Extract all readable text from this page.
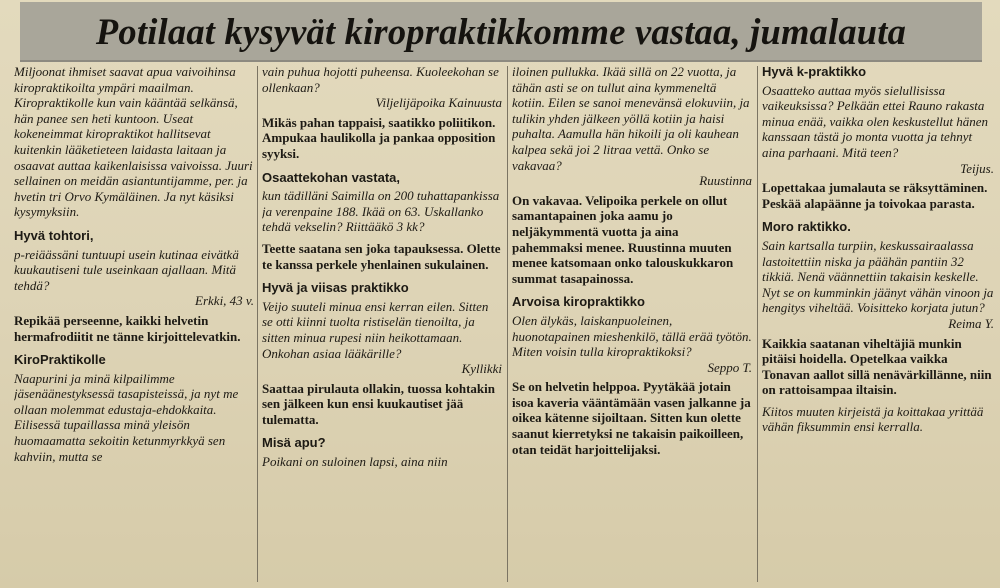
Potilaat kysyvät kiropraktikkomme vastaa, jumalauta

Miljoonat ihmiset saavat apua vaivoihinsa kiropraktikoilta ympäri maailman. Kiropraktikolle kun vain kääntää selkänsä, hän panee sen heti kuntoon. Useat kokeneimmat kiropraktikot hallitsevat kuitenkin lääketieteen laidasta laitaan ja osaavat auttaa kaikenlaisissa vaivoissa. Juuri sellainen on meidän asiantuntijamme, per. ja hvetin tri Orvo Kymäläinen. Ja nyt käsiksi kysymyksiin.

Hyvä tohtori,

p-reiäässäni tuntuupi usein kutinaa eivätkä kuukautiseni tule useinkaan ajallaan. Mitä tehdä?

Erkki, 43 v.

Repikää perseenne, kaikki helvetin hermafrodiitit ne tänne kirjoittelevatkin.

KiroPraktikolle

Naapurini ja minä kilpailimme jäsenäänestyksessä tasapisteissä, ja nyt me ollaan molemmat edustaja-ehdokkaita. Eilisessä tupaillassa minä yleisön huomaamatta sekoitin ketunmyrkkyä sen kahviin, mutta se

vain puhua hojotti puheensa. Kuoleekohan se ollenkaan?

Viljelijäpoika Kainuusta

Mikäs pahan tappaisi, saatikko poliitikon. Ampukaa haulikolla ja pankaa opposition syyksi.

Osaattekohan vastata,

kun tädilläni Saimilla on 200 tuhattapankissa ja verenpaine 188. Ikää on 63. Uskallanko tehdä vekselin? Riittääkö 3 kk?

Teette saatana sen joka tapauksessa. Olette te kanssa perkele yhenlainen sukulainen.

Hyvä ja viisas praktikko

Veijo suuteli minua ensi kerran eilen. Sitten se otti kiinni tuolta ristiselän tienoilta, ja sitten minua rupesi niin heikottamaan. Onkohan asiaa lääkärille?

Kyllikki

Saattaa pirulauta ollakin, tuossa kohtakin sen jälkeen kun ensi kuukautiset jää tulematta.

Misä apu?

Poikani on suloinen lapsi, aina niin

iloinen pullukka. Ikää sillä on 22 vuotta, ja tähän asti se on tullut aina kymmeneltä kotiin. Eilen se sanoi menevänsä elokuviin, ja tulikin yhden jälkeen yöllä kotiin ja haisi puhalta. Aamulla hän hikoili ja oli kauhean kalpea sekä joi 2 litraa vettä. Onko se vakavaa?

Ruustinna

On vakavaa. Velipoika perkele on ollut samantapainen joka aamu jo neljäkymmentä vuotta ja aina pahemmaksi menee. Ruustinna muuten menee katsomaan onko talouskukkaron summat tasapainossa.

Arvoisa kiropraktikko

Olen älykäs, laiskanpuoleinen, huonotapainen mieshenkilö, tällä erää työtön. Miten voisin tulla kiropraktikoksi?

Seppo T.

Se on helvetin helppoa. Pyytäkää jotain isoa kaveria vääntämään vasen jalkanne ja oikea kätenne sijoiltaan. Sitten kun olette saanut kierretyksi ne takaisin paikoilleen, otan teidät harjoittelijaksi.

Hyvä k-praktikko

Osaatteko auttaa myös sielullisissa vaikeuksissa? Pelkään ettei Rauno rakasta minua enää, vaikka olen keskustellut hänen kanssaan tästä jo monta vuotta ja tehnyt aina parhaani. Mitä teen?

Teijus.

Lopettakaa jumalauta se räksyttäminen. Peskää alapäänne ja toivokaa parasta.

Moro raktikko.

Sain kartsalla turpiin, keskussairaalassa lastoitettiin niska ja päähän pantiin 32 tikkiä. Nenä väännettiin takaisin keskelle. Nyt se on kumminkin jäänyt vähän vinoon ja hengitys viheltää. Voisitteko korjata jutun?

Reima Y.

Kaikkia saatanan viheltäjiä munkin pitäisi hoidella. Opetelkaa vaikka Tonavan aallot sillä nenävärkillänne, niin on rattoisampaa iltaisin.

Kiitos muuten kirjeistä ja koittakaa yrittää vähän fiksummin ensi kerralla.
